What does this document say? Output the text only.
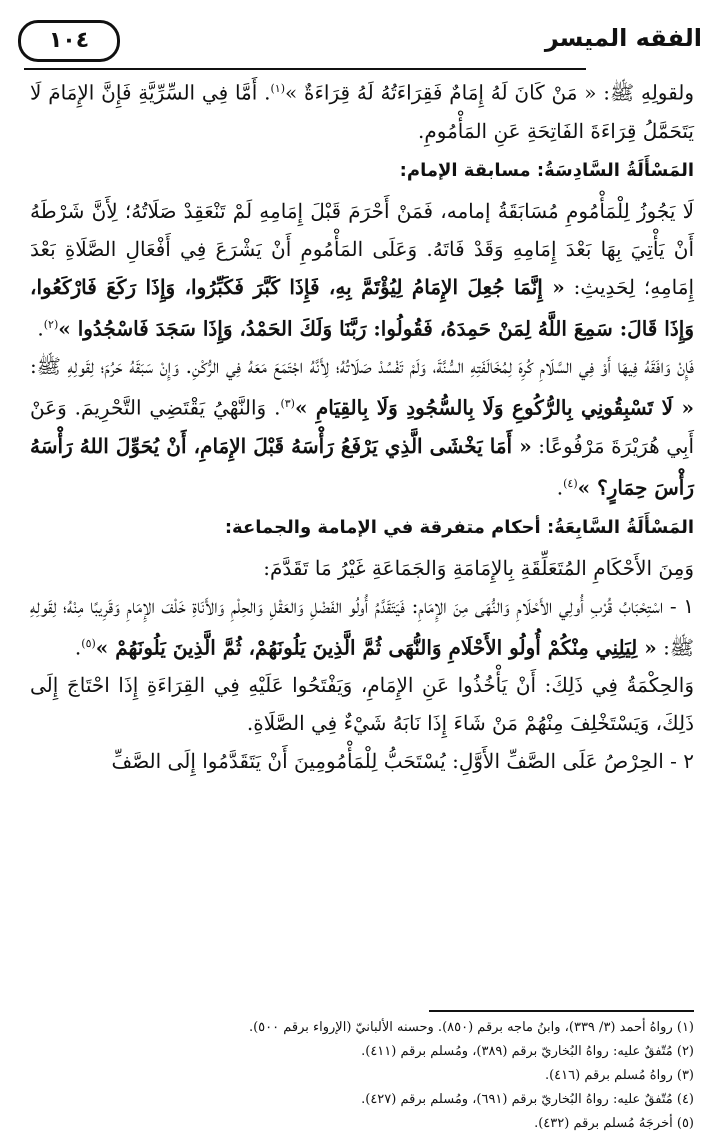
الفقه الميسر
١٠٤

ولقولِهِ ﷺ: « مَنْ كَانَ لَهُ إِمَامٌ فَقِرَاءَتُهُ لَهُ قِرَاءَةٌ »$^{(١)}$. أَمَّا فِي السِّرِّيَّةِ فَإِنَّ الإِمَامَ لَا يَتَحَمَّلُ قِرَاءَةَ الفَاتِحَةِ عَنِ المَأْمُومِ.

المَسْأَلَةُ السَّادِسَةُ: مسابقة الإمام:

لَا يَجُوزُ لِلْمَأْمُومِ مُسَابَقَةُ إمامه، فَمَنْ أَحْرَمَ قَبْلَ إِمَامِهِ لَمْ تَنْعَقِدْ صَلَاتُهُ؛ لِأَنَّ شَرْطَهُ أَنْ يَأْتِيَ بِهَا بَعْدَ إِمَامِهِ وَقَدْ فَاتَهُ. وَعَلَى المَأْمُومِ أَنْ يَشْرَعَ فِي أَفْعَالِ الصَّلَاةِ بَعْدَ إِمَامِهِ؛ لِحَدِيثِ: « إِنَّمَا جُعِلَ الإِمَامُ لِيُؤْتَمَّ بِهِ، فَإِذَا كَبَّرَ فَكَبِّرُوا، وَإِذَا رَكَعَ فَارْكَعُوا، وَإِذَا قَالَ: سَمِعَ اللَّهُ لِمَنْ حَمِدَهُ، فَقُولُوا: رَبَّنَا وَلَكَ الحَمْدُ، وَإِذَا سَجَدَ فَاسْجُدُوا »$^{(٢)}$.

فَإِنْ وَافَقَهُ فِيهَا أَوْ فِي السَّلَامِ كُرِهَ لِمُخَالَفَتِهِ السُّنَّةَ، وَلَمْ تَفْسُدْ صَلَاتُهُ؛ لِأَنَّهُ اجْتَمَعَ مَعَهُ فِي الرُّكْنِ. وَإِنْ سَبَقَهُ حَرُمَ؛ لِقَولِهِ ﷺ: « لَا تَسْبِقُونِي بِالرُّكُوعِ وَلَا بِالسُّجُودِ وَلَا بِالقِيَامِ »$^{(٣)}$. وَالنَّهْيُ يَقْتَضِي التَّحْرِيمَ. وَعَنْ أَبِي هُرَيْرَةَ مَرْفُوعًا: « أَمَا يَخْشَى الَّذِي يَرْفَعُ رَأْسَهُ قَبْلَ الإِمَامِ، أَنْ يُحَوِّلَ اللهُ رَأْسَهُ رَأْسَ حِمَارٍ؟ »$^{(٤)}$.

المَسْأَلَةُ السَّابِعَةُ: أحكام متفرقة في الإمامة والجماعة:

وَمِنَ الأَحْكَامِ المُتَعَلِّقَةِ بِالإِمَامَةِ وَالجَمَاعَةِ غَيْرُ مَا تَقَدَّمَ:

١ - اسْتِحْبَابُ قُرْبِ أُولِي الأَحْلَامِ وَالنُّهَى مِنَ الإِمَامِ: فَيَتَقَدَّمُ أُولُو الفَضْلِ وَالعَقْلِ وَالحِلْمِ وَالأَنَاةِ خَلْفَ الإِمَامِ وَقَرِيبًا مِنْهُ؛ لِقَولِهِ ﷺ: « لِيَلِنِي مِنْكُمْ أُولُو الأَحْلَامِ وَالنُّهَى ثُمَّ الَّذِينَ يَلُونَهُمْ، ثُمَّ الَّذِينَ يَلُونَهُمْ »$^{(٥)}$.

وَالحِكْمَةُ فِي ذَلِكَ: أَنْ يَأْخُذُوا عَنِ الإِمَامِ، وَيَفْتَحُوا عَلَيْهِ فِي القِرَاءَةِ إِذَا احْتَاجَ إِلَى ذَلِكَ، وَيَسْتَخْلِفَ مِنْهُمْ مَنْ شَاءَ إِذَا نَابَهُ شَيْءٌ فِي الصَّلَاةِ.

٢ - الحِرْصُ عَلَى الصَّفِّ الأَوَّلِ: يُسْتَحَبُّ لِلْمَأْمُومِينَ أَنْ يَتَقَدَّمُوا إِلَى الصَّفِّ

(١) رواهُ أحمد (٣/ ٣٣٩)، وابنُ ماجه برقم (٨٥٠). وحسنه الألبانيّ (الإرواء برقم ٥٠٠).

(٢) مُتّفقٌ عليه: رواهُ البُخاريّ برقم (٣٨٩)، ومُسلم برقم (٤١١).

(٣) رواهُ مُسلم برقم (٤١٦).

(٤) مُتّفقٌ عليه: رواهُ البُخاريّ برقم (٦٩١)، ومُسلم برقم (٤٢٧).

(٥) أخرجَهُ مُسلم برقم (٤٣٢).
